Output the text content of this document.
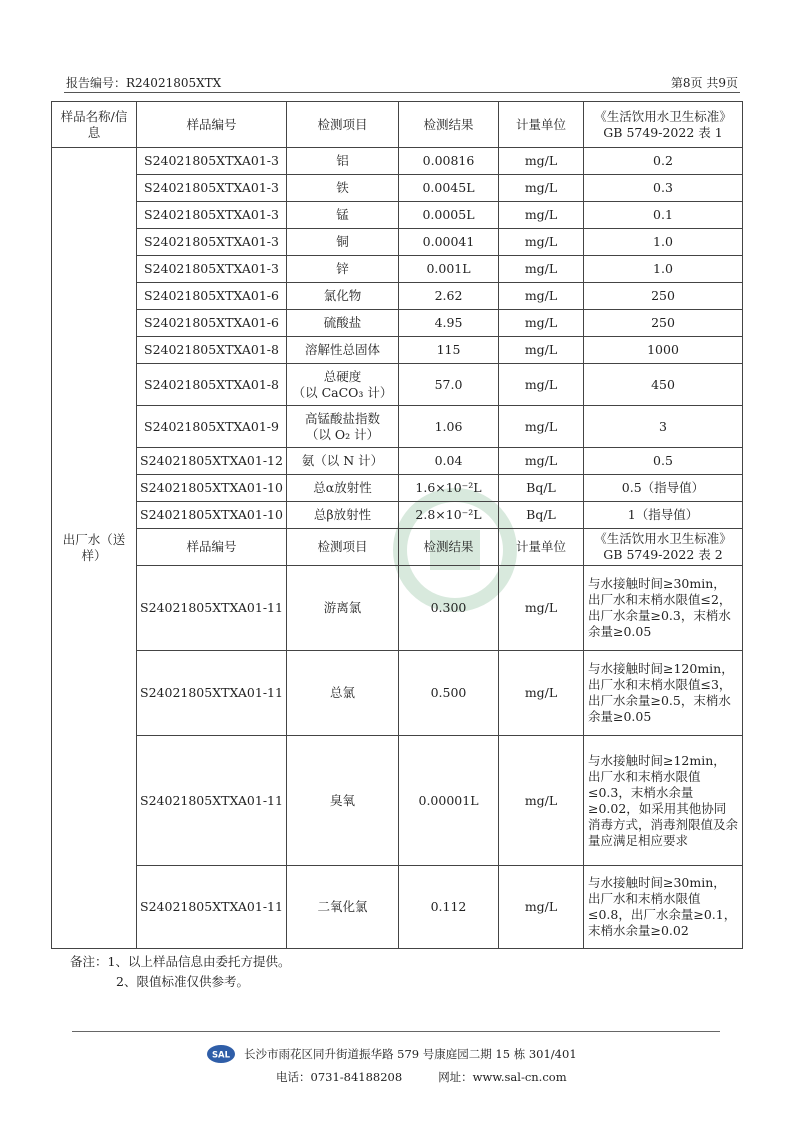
报告编号：R24021805XTX	第8页 共9页
样品名称/信息	样品编号	检测项目	检测结果	计量单位	《生活饮用水卫生标准》GB 5749-2022 表 1
出厂水（送样）	S24021805XTXA01-3	铝	0.00816	mg/L	0.2
	S24021805XTXA01-3	铁	0.0045L	mg/L	0.3
	S24021805XTXA01-3	锰	0.0005L	mg/L	0.1
	S24021805XTXA01-3	铜	0.00041	mg/L	1.0
	S24021805XTXA01-3	锌	0.001L	mg/L	1.0
	S24021805XTXA01-6	氯化物	2.62	mg/L	250
	S24021805XTXA01-6	硫酸盐	4.95	mg/L	250
	S24021805XTXA01-8	溶解性总固体	115	mg/L	1000
	S24021805XTXA01-8	总硬度
（以 CaCO₃ 计）	57.0	mg/L	450
	S24021805XTXA01-9	高锰酸盐指数
（以 O₂ 计）	1.06	mg/L	3
	S24021805XTXA01-12	氨（以 N 计）	0.04	mg/L	0.5
	S24021805XTXA01-10	总α放射性	1.6×10⁻²L	Bq/L	0.5（指导值）
	S24021805XTXA01-10	总β放射性	2.8×10⁻²L	Bq/L	1（指导值）
	样品编号	检测项目	检测结果	计量单位	《生活饮用水卫生标准》GB 5749-2022 表 2
	S24021805XTXA01-11	游离氯	0.300	mg/L	与水接触时间≥30min，出厂水和末梢水限值≤2，出厂水余量≥0.3，末梢水余量≥0.05
	S24021805XTXA01-11	总氯	0.500	mg/L	与水接触时间≥120min，出厂水和末梢水限值≤3，出厂水余量≥0.5，末梢水余量≥0.05
	S24021805XTXA01-11	臭氧	0.00001L	mg/L	与水接触时间≥12min，出厂水和末梢水限值≤0.3，末梢水余量≥0.02，如采用其他协同消毒方式，消毒剂限值及余量应满足相应要求
	S24021805XTXA01-11	二氧化氯	0.112	mg/L	与水接触时间≥30min，出厂水和末梢水限值≤0.8，出厂水余量≥0.1，末梢水余量≥0.02
备注：1、以上样品信息由委托方提供。
2、限值标准仅供参考。
SAL 长沙市雨花区同升街道振华路 579 号康庭园二期 15 栋 301/401
电话：0731-84188208	网址：www.sal-cn.com
